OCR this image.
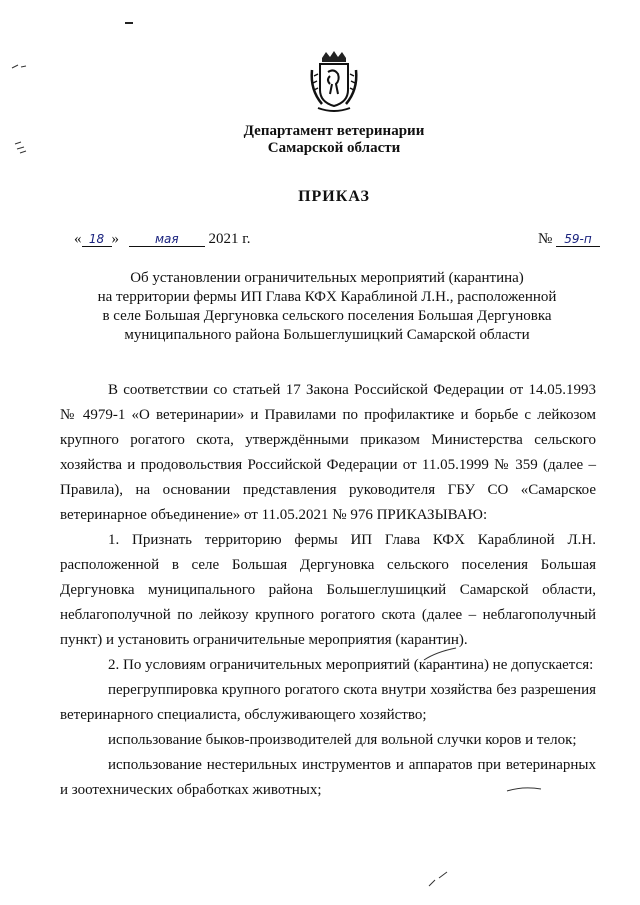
Департамент ветеринарии
Самарской области
ПРИКАЗ
« 18 »	мая 2021 г.	№ 59-п
Об установлении ограничительных мероприятий (карантина)
на территории фермы ИП Глава КФХ Караблиной Л.Н., расположенной
в селе Большая Дергуновка сельского поселения Большая Дергуновка
муниципального района Большеглушицкий Самарской области

В соответствии со статьей 17 Закона Российской Федерации от 14.05.1993 № 4979-1 «О ветеринарии» и Правилами по профилактике и борьбе с лейкозом крупного рогатого скота, утверждёнными приказом Министерства сельского хозяйства и продовольствия Российской Федерации от 11.05.1999 № 359 (далее – Правила), на основании представления руководителя ГБУ СО «Самарское ветеринарное объединение» от 11.05.2021 № 976 ПРИКАЗЫВАЮ:

1. Признать территорию фермы ИП Глава КФХ Караблиной Л.Н. расположенной в селе Большая Дергуновка сельского поселения Большая Дергуновка муниципального района Большеглушицкий Самарской области, неблагополучной по лейкозу крупного рогатого скота (далее – неблагополучный пункт) и установить ограничительные мероприятия (карантин).

2. По условиям ограничительных мероприятий (карантина) не допускается:

перегруппировка крупного рогатого скота внутри хозяйства без разрешения ветеринарного специалиста, обслуживающего хозяйство;

использование быков-производителей для вольной случки коров и телок;

использование нестерильных инструментов и аппаратов при ветеринарных и зоотехнических обработках животных;
